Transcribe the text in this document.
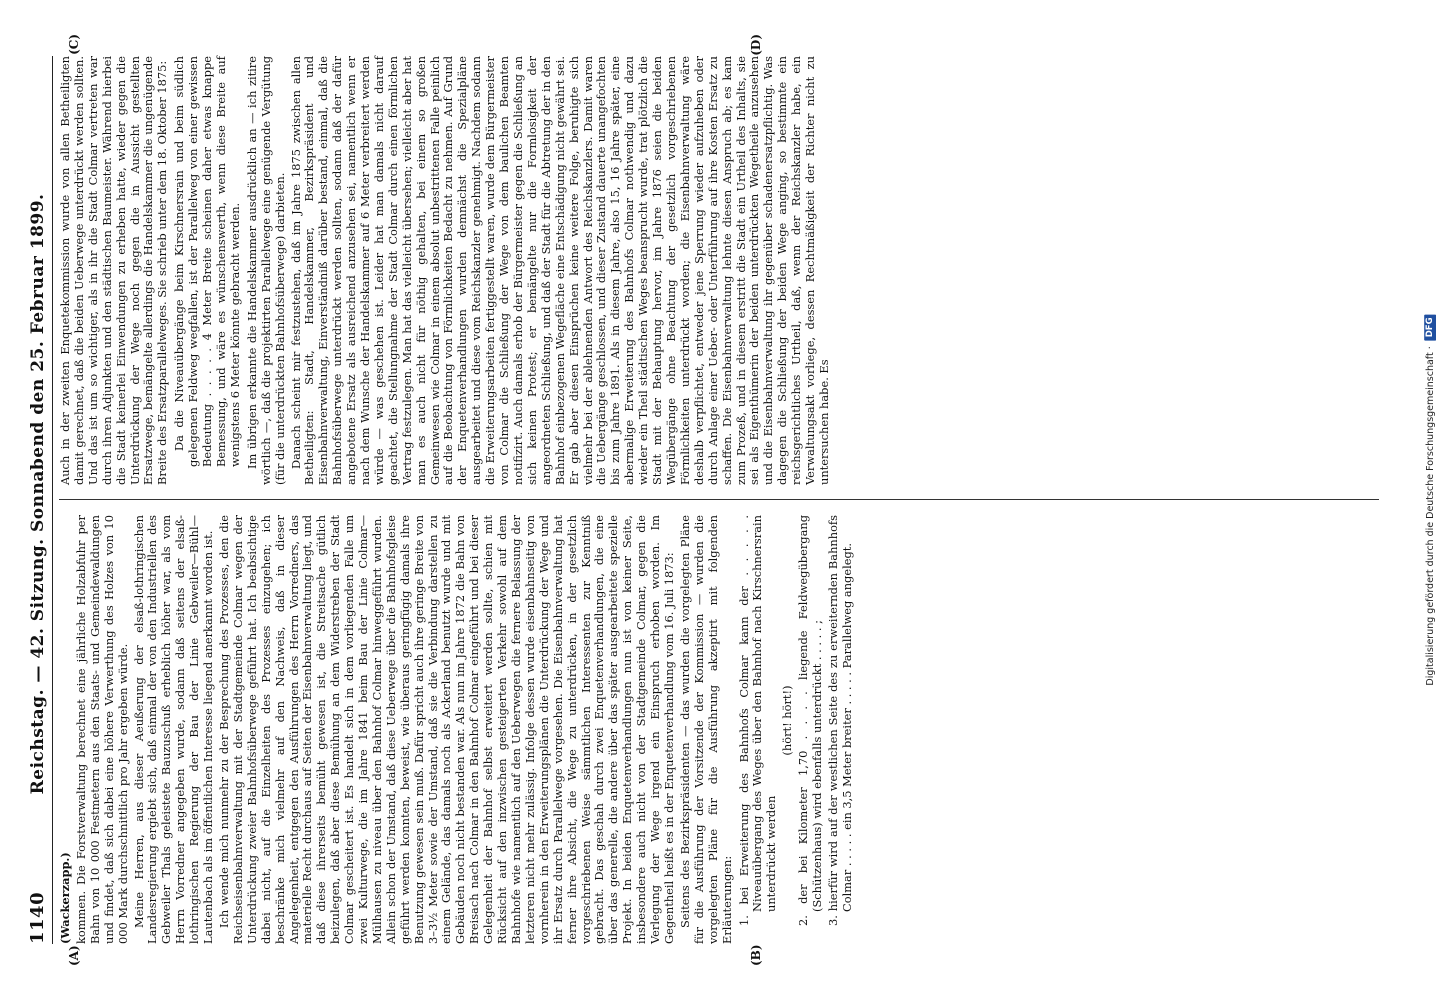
1140
Reichstag. — 42. Sitzung. Sonnabend den 25. Februar 1899.
(A)	(B)
(C)	(D)

(Wackerzapp.) kommen. Die Forstverwaltung berechnet eine jährliche Holzabfuhr per Bahn von 10 000 Festmetern aus den Staats- und Gemeindewaldungen und findet, daß sich dabei eine höhere Verwerthung des Holzes von 10 000 Mark durchschnittlich pro Jahr ergeben würde. Meine Herren, aus dieser Aeußerung der elsaß-lothringischen Landesregierung ergiebt sich, daß einmal der von den Industriellen des Gebweiler Thals geleistete Bauzuschuß erheblich höher war, als vom Herrn Vorredner angegeben wurde, sodann daß seitens der elsaß-lothringischen Regierung der Bau der Linie Gebweiler—Bühl—Lautenbach als im öffentlichen Interesse liegend anerkannt worden ist. Ich wende mich nunmehr zu der Besprechung des Prozesses, den die Reichseisenbahnverwaltung mit der Stadtgemeinde Colmar wegen der Unterdrückung zweier Bahnhofsüberwege geführt hat. Ich beabsichtige dabei nicht, auf die Einzelheiten des Prozesses einzugehen; ich beschränke mich vielmehr auf den Nachweis, daß in dieser Angelegenheit, entgegen den Ausführungen des Herrn Vorredners, das materielle Recht durchaus auf Seiten der Eisenbahnverwaltung liegt, und daß diese ihrerseits bemüht gewesen ist, die Streitsache gütlich beizulegen, daß aber diese Bemühung an dem Widerstreben der Stadt Colmar gescheitert ist. Es handelt sich in dem vorliegenden Falle um zwei Kulturwege, die im Jahre 1841 beim Bau der Linie Colmar—Mülhausen zu niveau über den Bahnhof Colmar hinweggeführt wurden. Allein schon der Umstand, daß diese Ueberwege über die Bahnhofsgleise geführt werden konnten, beweist, wie überaus geringfügig damals ihre Benutzung gewesen sein muß. Dafür spricht auch ihre geringe Breite von 3–3½ Meter sowie der Umstand, daß sie die Verbindung darstellen zu einem Gelände, das damals noch als Ackerland benutzt wurde und mit Gebäuden noch nicht bestanden war. Als nun im Jahre 1872 die Bahn von Breisach nach Colmar in den Bahnhof Colmar eingeführt und bei dieser Gelegenheit der Bahnhof selbst erweitert werden sollte, schien mit Rücksicht auf den inzwischen gesteigerten Verkehr sowohl auf dem Bahnhofe wie namentlich auf den Ueberwegen die fernere Belassung der letzteren nicht mehr zulässig. Infolge dessen wurde eisenbahnseitig von vornherein in den Erweiterungsplänen die Unterdrückung der Wege und ihr Ersatz durch Parallelwege vorgesehen. Die Eisenbahnverwaltung hat ferner ihre Absicht, die Wege zu unterdrücken, in der gesetzlich vorgeschriebenen Weise sämmtlichen Interessenten zur Kenntniß gebracht. Das geschah durch zwei Enquetenverhandlungen, die eine über das generelle, die andere über das später ausgearbeitete spezielle Projekt. In beiden Enquetenverhandlungen nun ist von keiner Seite, insbesondere auch nicht von der Stadtgemeinde Colmar, gegen die Verlegung der Wege irgend ein Einspruch erhoben worden. Im Gegentheil heißt es in der Enquetenverhandlung vom 16. Juli 1873: Seitens des Bezirkspräsidenten — das wurden die vorgelegten Pläne für die Ausführung der Vorsitzende der Kommission — wurden die vorgelegten Pläne für die Ausführung akzeptirt mit folgenden Erläuterungen: 1. bei Erweiterung des Bahnhofs Colmar kann der . . . . . Niveauübergang des Weges über den Bahnhof nach Kirschnersrain unterdrückt werden

(hört! hört!) 2. der bei Kilometer 1,70 . . . . liegende Feldwegübergang (Schützenhaus) wird ebenfalls unterdrückt . . . . . ; 3. hierfür wird auf der westlichen Seite des zu erweiternden Bahnhofs Colmar . . . . . ein 3,5 Meter breiter . . . . . Parallelweg angelegt.

Auch in der zweiten Enquetekommission wurde von allen Betheiligten damit gerechnet, daß die beiden Ueberwege unterdrückt werden sollten. Und das ist um so wichtiger, als in ihr die Stadt Colmar vertreten war durch ihren Adjunkten und den städtischen Baumeister. Während hierbei die Stadt keinerlei Einwendungen zu erheben hatte, wieder gegen die Unterdrückung der Wege noch gegen die in Aussicht gestellten Ersatzwege, bemängelte allerdings die Handelskammer die ungenügende Breite des Ersatzparallelweges. Sie schrieb unter dem 18. Oktober 1875: Da die Niveauübergänge beim Kirschnersrain und beim südlich gelegenen Feldweg wegfallen, ist der Parallelweg von einer gewissen Bedeutung . . . . . 4 Meter Breite scheinen daher etwas knappe Bemessung, und wäre es wünschenswerth, wenn diese Breite auf wenigstens 6 Meter könnte gebracht werden. Im übrigen erkannte die Handelskammer ausdrücklich an — ich zitire wörtlich —, daß die projektirten Parallelwege eine genügende Vergütung (für die unterdrückten Bahnhofsüberwege) darbieten. Danach scheint mir festzustehen, daß im Jahre 1875 zwischen allen Betheiligten: Stadt, Handelskammer, Bezirkspräsident und Eisenbahnverwaltung, Einverständniß darüber bestand, einmal, daß die Bahnhofsüberwege unterdrückt werden sollten, sodann daß der dafür angebotene Ersatz als ausreichend anzusehen sei, namentlich wenn er nach dem Wunsche der Handelskammer auf 6 Meter verbreitert werden würde — was geschehen ist. Leider hat man damals nicht darauf geachtet, die Stellungnahme der Stadt Colmar durch einen förmlichen Vertrag festzulegen. Man hat das vielleicht übersehen; vielleicht aber hat man es auch nicht für nöthig gehalten, bei einem so großen Gemeinwesen wie Colmar in einem absolut unbestrittenen Falle peinlich auf die Beobachtung von Förmlichkeiten Bedacht zu nehmen. Auf Grund der Enquetenverhandlungen wurden demnächst die Spezialpläne ausgearbeitet und diese vom Reichskanzler genehmigt. Nachdem sodann die Erweiterungsarbeiten fertiggestellt waren, wurde dem Bürgermeister von Colmar die Schließung der Wege von dem baulichen Beamten notifizirt. Auch damals erhob der Bürgermeister gegen die Schließung an sich keinen Protest; er bemängelte nur die Formlosigkeit der angeordneten Schließung, und daß der Stadt für die Abtretung der in den Bahnhof einbezogenen Wegefläche eine Entschädigung nicht gewährt sei. Er gab aber diesen Einsprüchen keine weitere Folge, beruhigte sich vielmehr bei der ablehnenden Antwort des Reichskanzlers. Damit waren die Uebergänge geschlossen, und dieser Zustand dauerte unangefochten bis zum Jahre 1891. Als in diesem Jahre, also 15, 16 Jahre später, eine abermalige Erweiterung des Bahnhofs Colmar nothwendig und dazu wieder ein Theil städtischen Weges beansprucht wurde, trat plötzlich die Stadt mit der Behauptung hervor, im Jahre 1876 seien die beiden Wegübergänge ohne Beachtung der gesetzlich vorgeschriebenen Förmlichkeiten unterdrückt worden; die Eisenbahnverwaltung wäre deshalb verpflichtet, entweder jene Sperrung wieder aufzuheben oder durch Anlage einer Ueber- oder Unterführung auf ihre Kosten Ersatz zu schaffen. Die Eisenbahnverwaltung lehnte diesen Anspruch ab; es kam zum Prozeß, und in diesem erstritt die Stadt ein Urtheil des Inhalts, sie sei als Eigenthümerin der beiden unterdrückten Wegetheile anzusehen und die Eisenbahnverwaltung ihr gegenüber schadenersatzpflichtig. Was dagegen die Schließung der beiden Wege anging, so bestimmte ein reichsgerichtliches Urtheil, daß, wenn der Reichskanzler habe, ein Verwaltungsakt vorliege, dessen Rechtmäßigkeit der Richter nicht zu untersuchen habe. Es	Digitalisierung gefördert durch die Deutsche Forschungsgemeinschaft ·
DFG
